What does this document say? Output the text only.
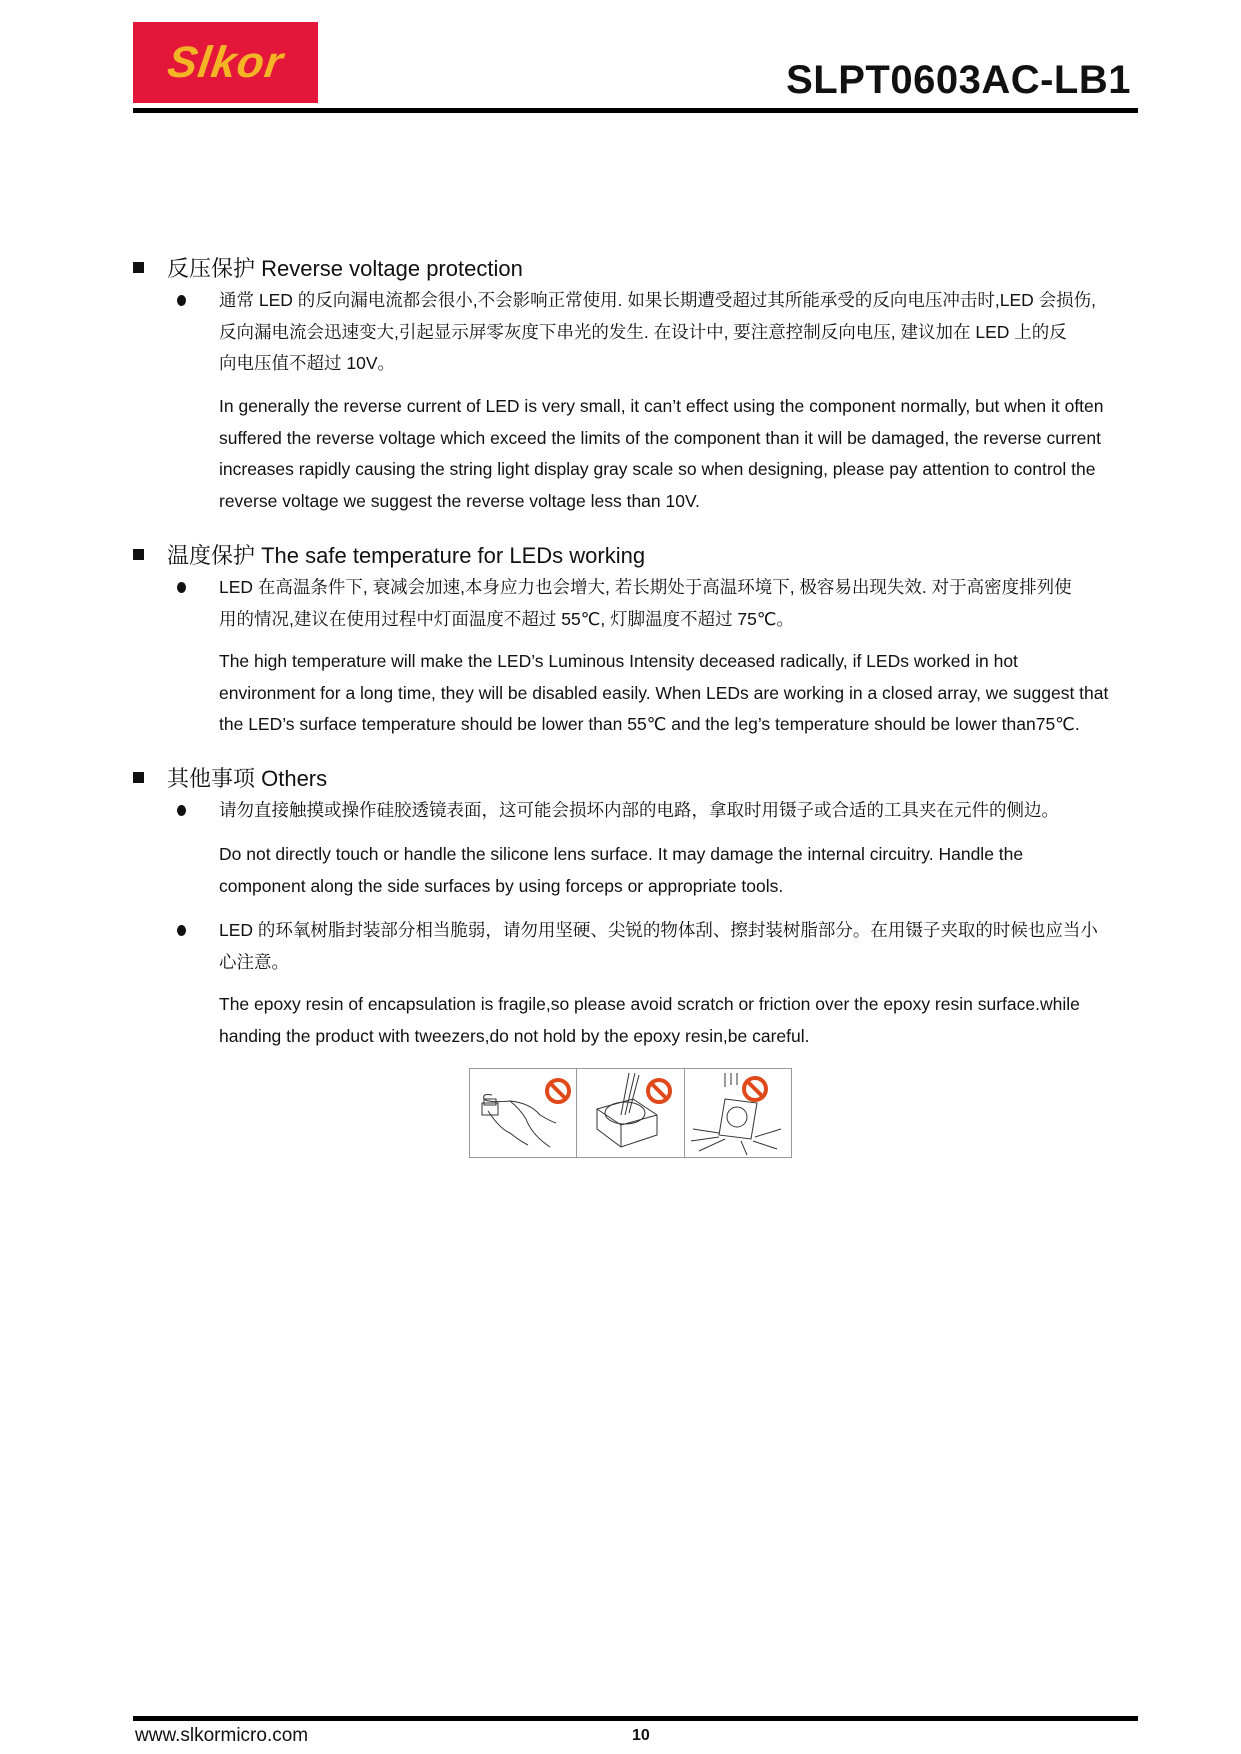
Slkor	SLPT0603AC-LB1
反压保护 Reverse voltage protection
通常 LED 的反向漏电流都会很小,不会影响正常使用. 如果长期遭受超过其所能承受的反向电压冲击时,LED 会损伤,
反向漏电流会迅速变大,引起显示屏零灰度下串光的发生. 在设计中, 要注意控制反向电压, 建议加在 LED 上的反
向电压值不超过 10V。
In generally the reverse current of LED is very small, it can’t effect using the component normally, but when it often
suffered the reverse voltage which exceed the limits of the component than it will be damaged, the reverse current
increases rapidly causing the string light display gray scale so when designing, please pay attention to control the
reverse voltage we suggest the reverse voltage less than 10V.
温度保护 The safe temperature for LEDs working
LED 在高温条件下, 衰减会加速,本身应力也会增大, 若长期处于高温环境下, 极容易出现失效. 对于高密度排列使
用的情况,建议在使用过程中灯面温度不超过 55℃, 灯脚温度不超过 75℃。
The high temperature will make the LED’s Luminous Intensity deceased radically, if LEDs worked in hot
environment for a long time, they will be disabled easily. When LEDs are working in a closed array, we suggest that
the LED’s surface temperature should be lower than 55℃ and the leg’s temperature should be lower than75℃.
其他事项 Others
请勿直接触摸或操作硅胶透镜表面，这可能会损坏内部的电路，拿取时用镊子或合适的工具夹在元件的侧边。
Do not directly touch or handle the silicone lens surface. It may damage the internal circuitry. Handle the
component along the side surfaces by using forceps or appropriate tools.
LED 的环氧树脂封装部分相当脆弱，请勿用坚硬、尖锐的物体刮、擦封装树脂部分。在用镊子夹取的时候也应当小
心注意。
The epoxy resin of encapsulation is fragile,so please avoid scratch or friction over the epoxy resin surface.while
handing the product with tweezers,do not hold by the epoxy resin,be careful.
www.slkormicro.com	10
